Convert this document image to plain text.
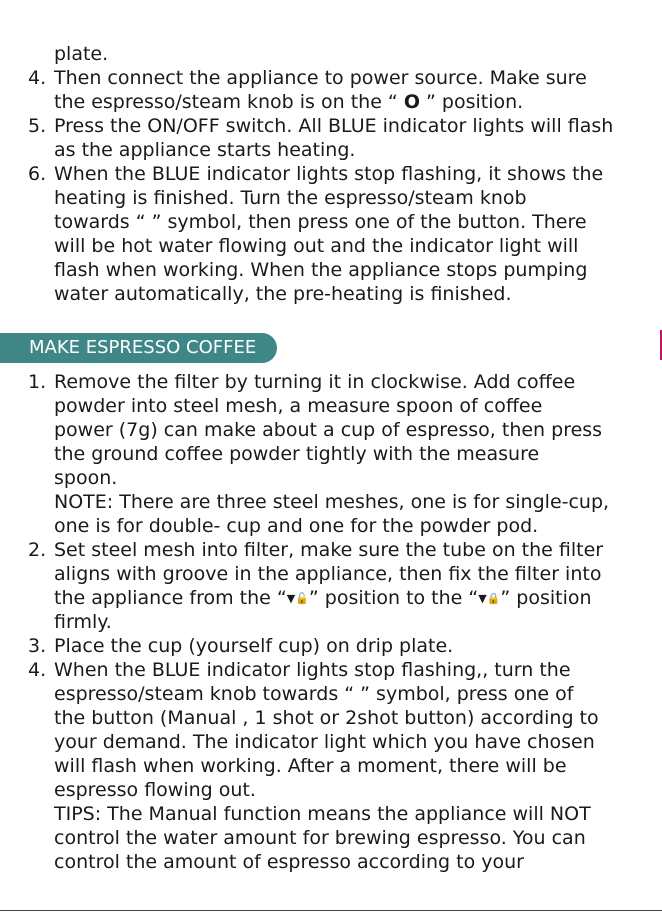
plate.
4. Then connect the appliance to power source. Make sure
the espresso/steam knob is on the “ O ” position.
5. Press the ON/OFF switch. All BLUE indicator lights will flash
as the appliance starts heating.
6. When the BLUE indicator lights stop flashing, it shows the
heating is finished. Turn the espresso/steam knob
towards “ ” symbol, then press one of the button. There
will be hot water flowing out and the indicator light will
flash when working. When the appliance stops pumping
water automatically, the pre-heating is finished.
MAKE ESPRESSO COFFEE
1. Remove the filter by turning it in clockwise. Add coffee
powder into steel mesh, a measure spoon of coffee
power (7g) can make about a cup of espresso, then press
the ground coffee powder tightly with the measure
spoon.
NOTE: There are three steel meshes, one is for single-cup,
one is for double- cup and one for the powder pod.
2. Set steel mesh into filter, make sure the tube on the filter
aligns with groove in the appliance, then fix the filter into
the appliance from the “▼🔓” position to the “▼🔒” position
firmly.
3. Place the cup (yourself cup) on drip plate.
4. When the BLUE indicator lights stop flashing,, turn the
espresso/steam knob towards “ ” symbol, press one of
the button (Manual , 1 shot or 2shot button) according to
your demand. The indicator light which you have chosen
will flash when working. After a moment, there will be
espresso flowing out.
TIPS: The Manual function means the appliance will NOT
control the water amount for brewing espresso. You can
control the amount of espresso according to your
